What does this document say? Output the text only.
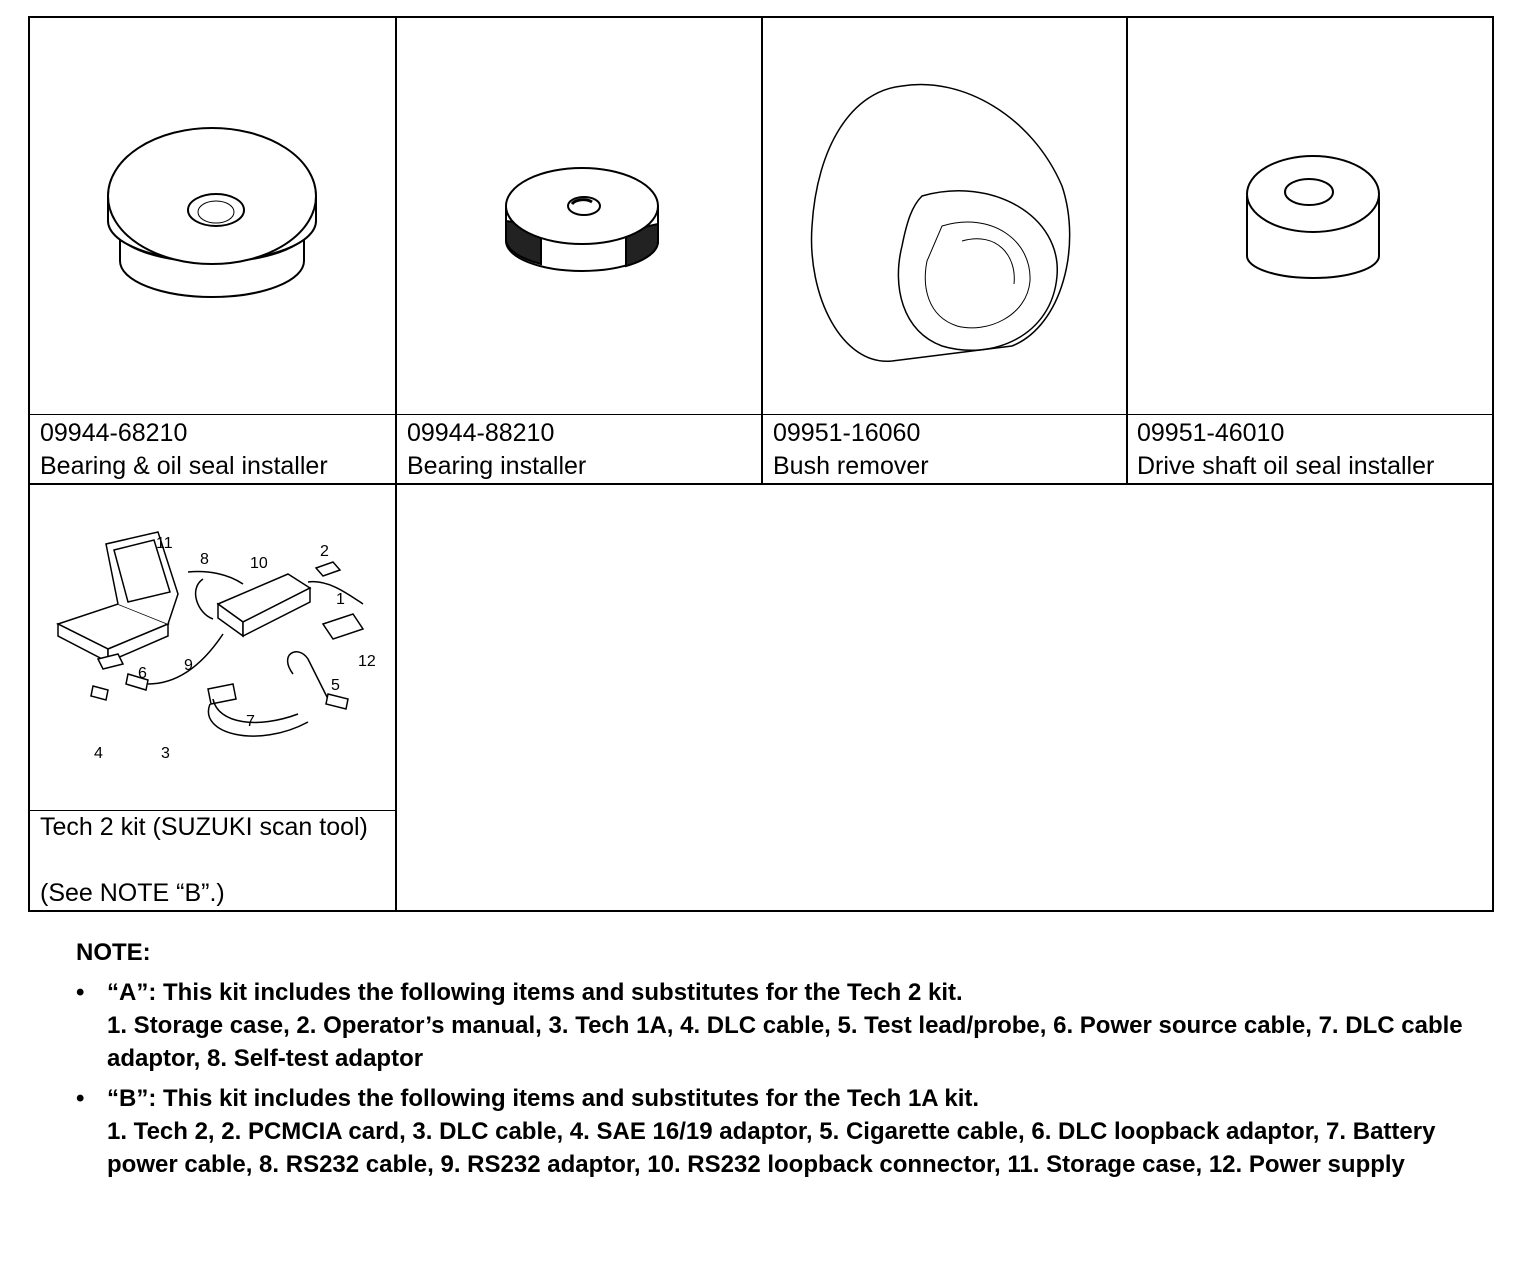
09944-68210
Bearing & oil seal installer
09944-88210
Bearing installer
09951-16060
Bush remover
09951-46010
Drive shaft oil seal installer
1
2
3
4
5
6
7
8
9
10
11
12
Tech 2 kit (SUZUKI scan tool)
(See NOTE “B”.)
NOTE:
• “A”: This kit includes the following items and substitutes for the Tech 2 kit.
1. Storage case, 2. Operator’s manual, 3. Tech 1A, 4. DLC cable, 5. Test lead/probe, 6. Power source cable, 7. DLC cable adaptor, 8. Self-test adaptor
• “B”: This kit includes the following items and substitutes for the Tech 1A kit.
1. Tech 2, 2. PCMCIA card, 3. DLC cable, 4. SAE 16/19 adaptor, 5. Cigarette cable, 6. DLC loopback adaptor, 7. Battery power cable, 8. RS232 cable, 9. RS232 adaptor, 10. RS232 loopback connector, 11. Storage case, 12. Power supply
